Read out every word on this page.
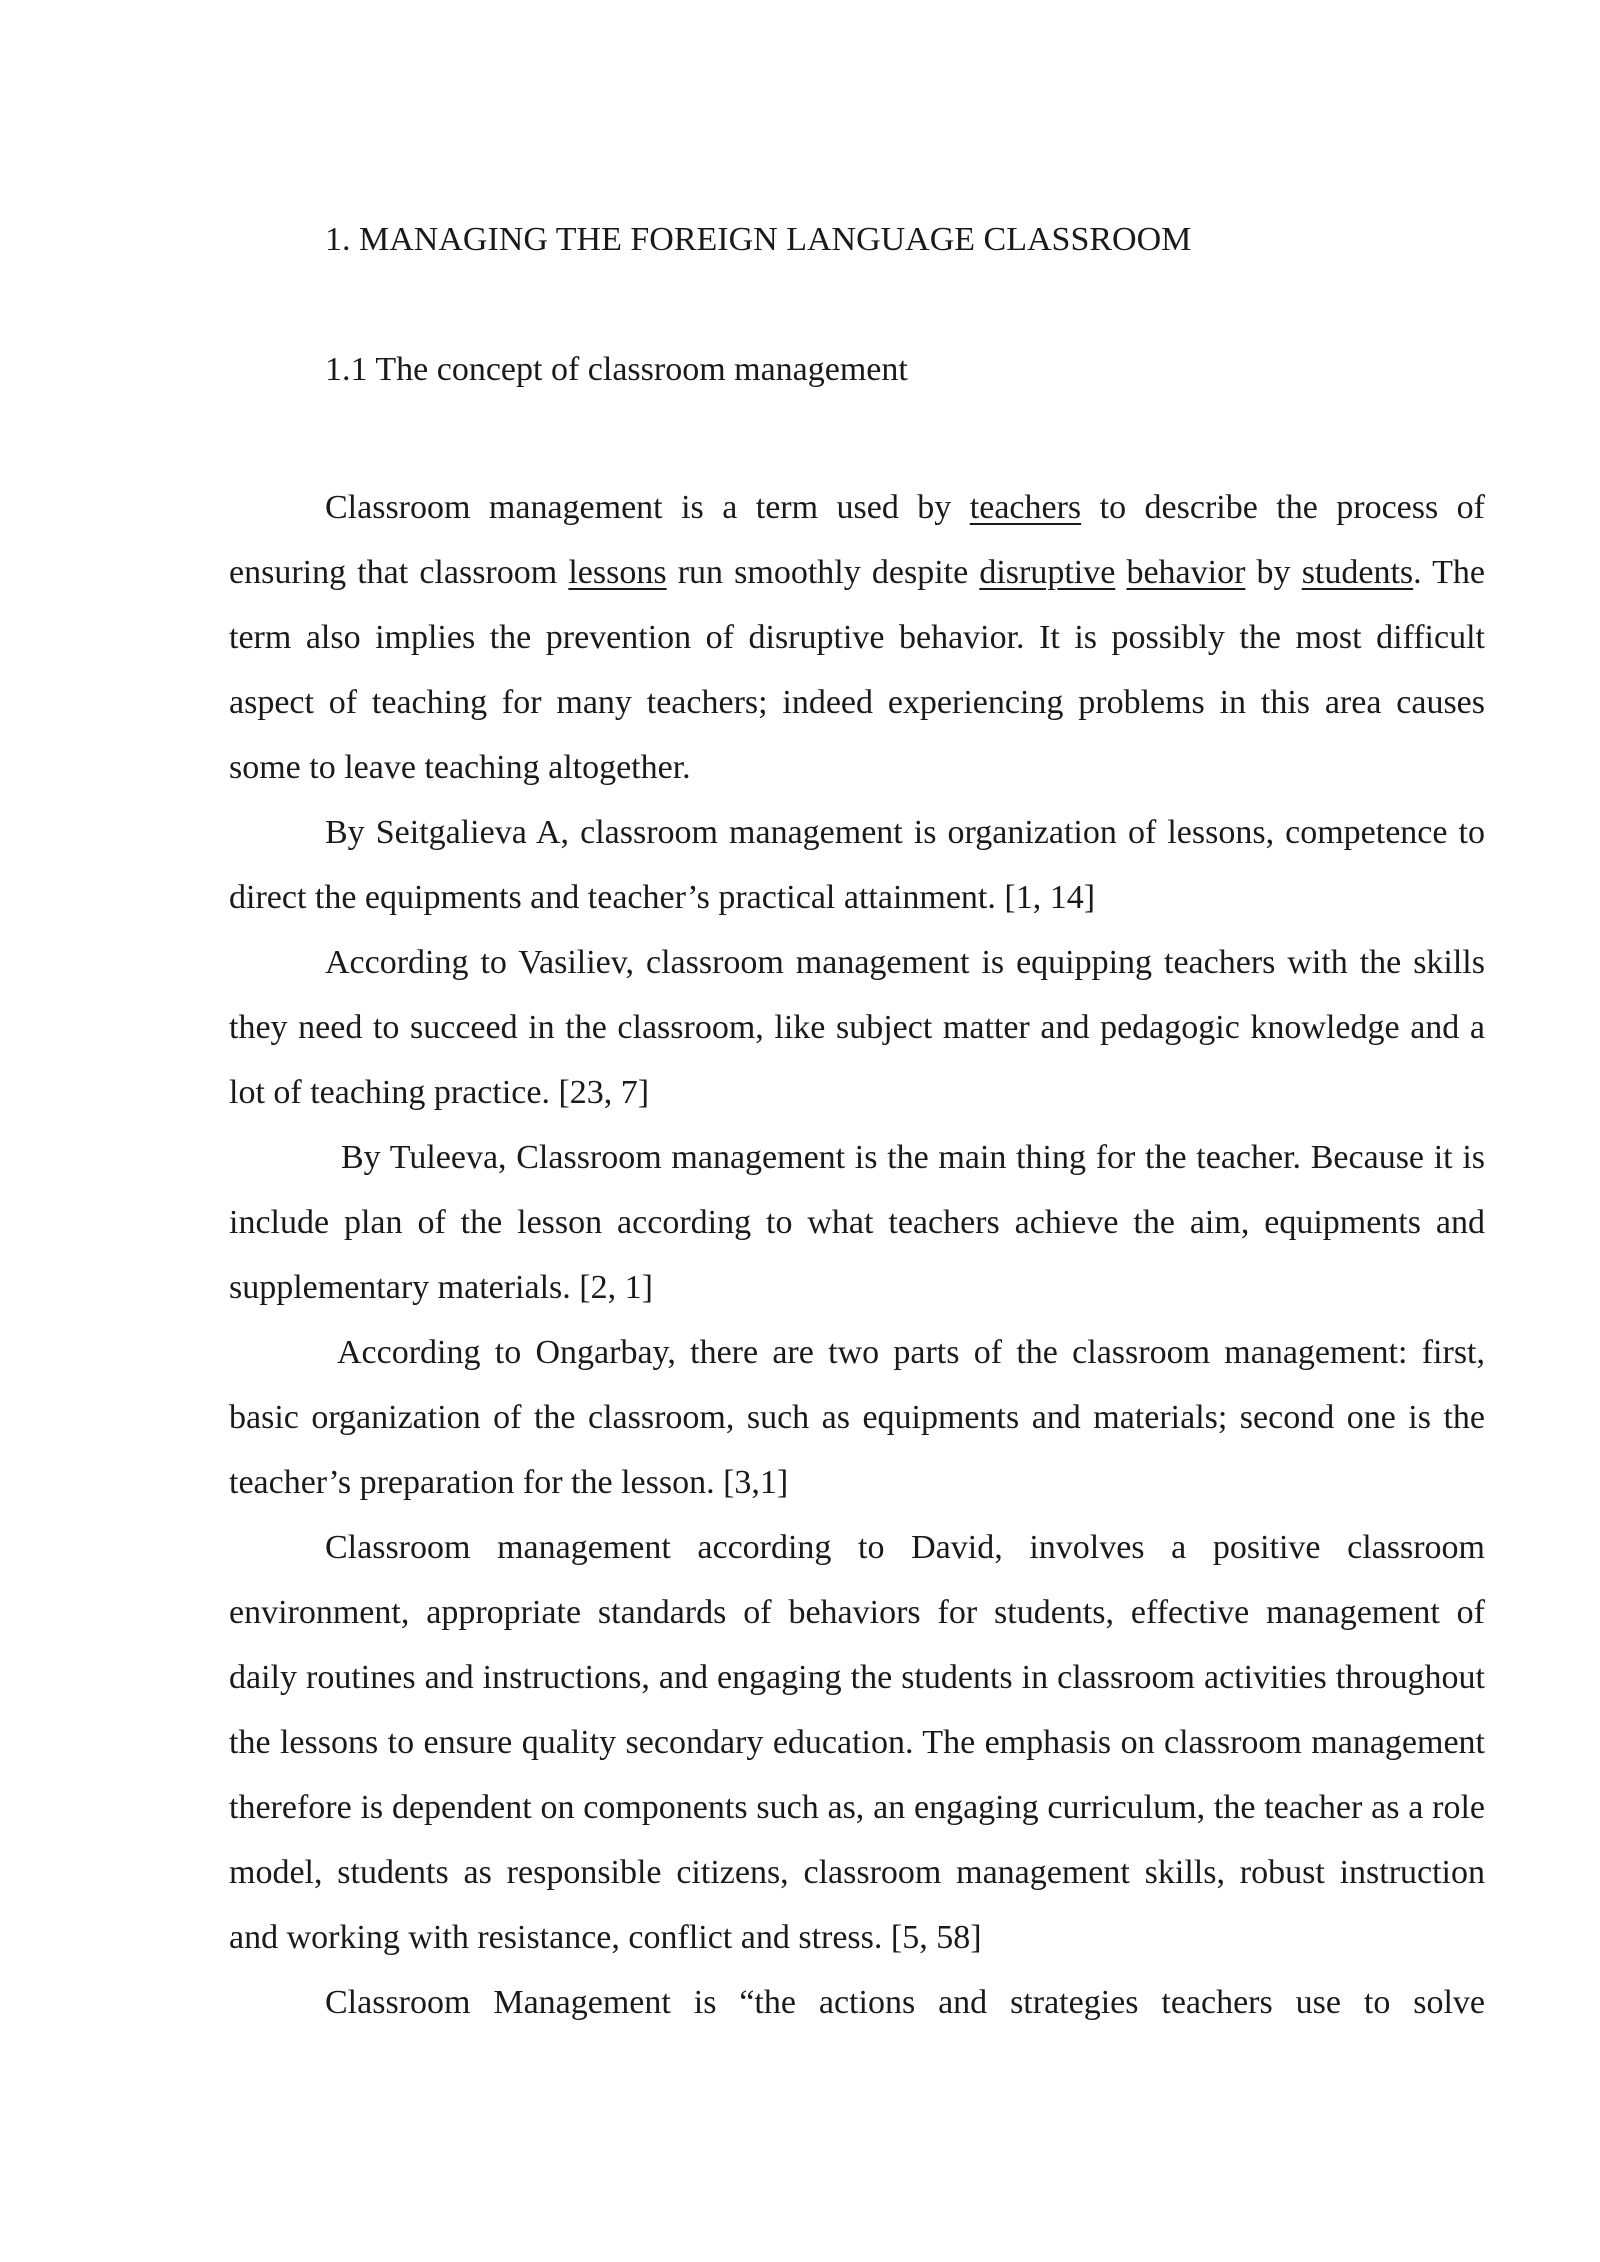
1. MANAGING THE FOREIGN LANGUAGE CLASSROOM
1.1 The concept of classroom management

Classroom management is a term used by teachers to describe the process of ensuring that classroom lessons run smoothly despite disruptive behavior by students. The term also implies the prevention of disruptive behavior. It is possibly the most difficult aspect of teaching for many teachers; indeed experiencing problems in this area causes some to leave teaching altogether.

By Seitgalieva A, classroom management is organization of lessons, competence to direct the equipments and teacher’s practical attainment. [1, 14]

According to Vasiliev, classroom management is equipping teachers with the skills they need to succeed in the classroom, like subject matter and pedagogic knowledge and a lot of teaching practice. [23, 7]

By Tuleeva, Classroom management is the main thing for the teacher. Because it is include plan of the lesson according to what teachers achieve the aim, equipments and supplementary materials. [2, 1]

According to Ongarbay, there are two parts of the classroom management: first, basic organization of the classroom, such as equipments and materials; second one is the teacher’s preparation for the lesson. [3,1]

Classroom management according to David, involves a positive classroom environment, appropriate standards of behaviors for students, effective management of daily routines and instructions, and engaging the students in classroom activities throughout the lessons to ensure quality secondary education. The emphasis on classroom management therefore is dependent on components such as, an engaging curriculum, the teacher as a role model, students as responsible citizens, classroom management skills, robust instruction and working with resistance, conflict and stress. [5, 58]

Classroom Management is “the actions and strategies teachers use to solve
